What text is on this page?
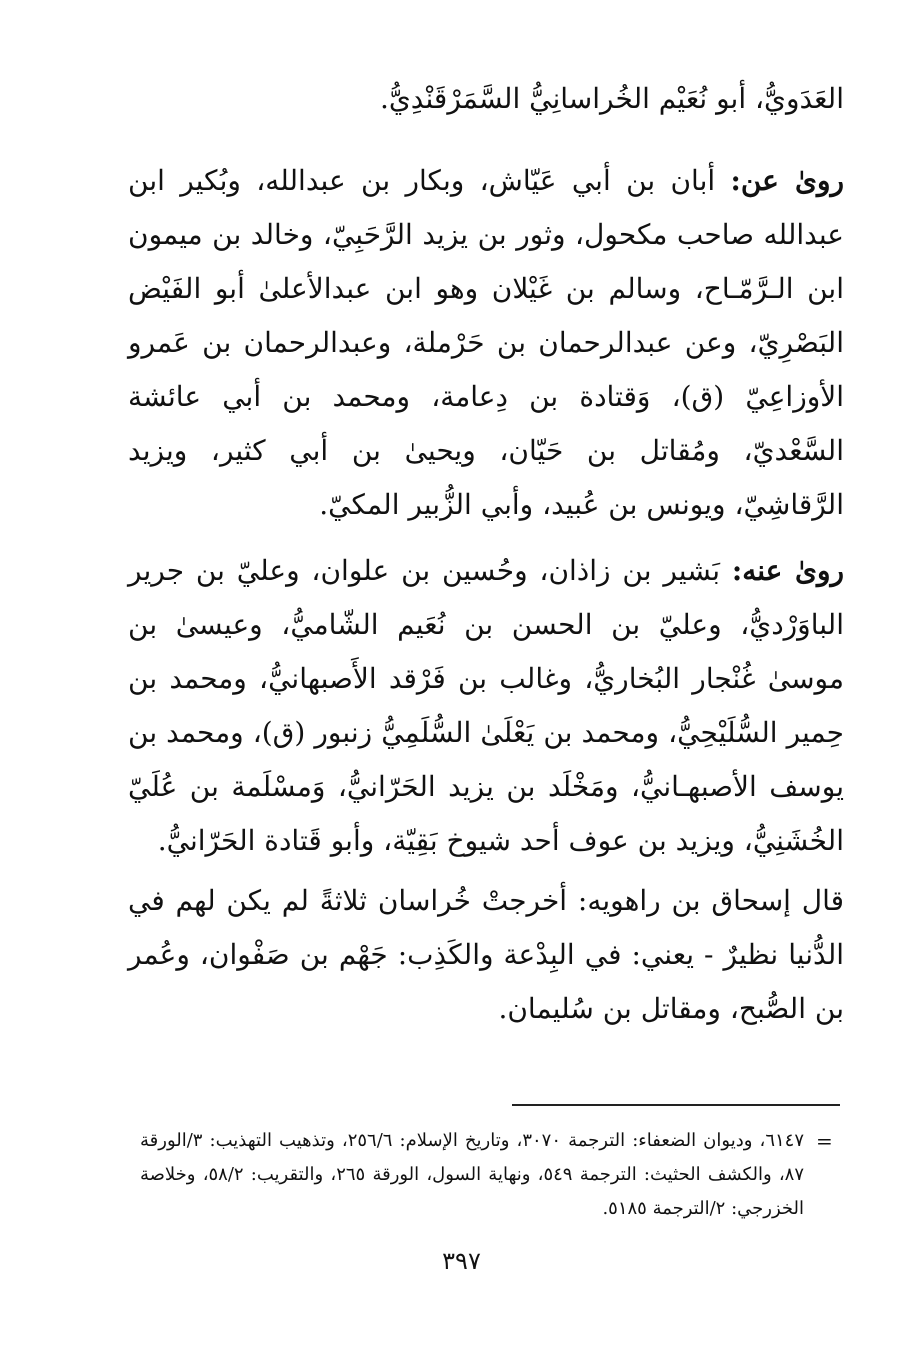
العَدَويُّ، أبو نُعَيْم الخُراسانِيُّ السَّمَرْقَنْدِيُّ.

روىٰ عن: أبان بن أبي عَيّاش، وبكار بن عبدالله، وبُكير ابن عبدالله صاحب مكحول، وثور بن يزيد الرَّحَبِيّ، وخالد بن ميمون ابن الـرَّمّـاح، وسالم بن غَيْلان وهو ابن عبدالأعلىٰ أبو الفَيْض البَصْرِيّ، وعن عبدالرحمان بن حَرْملة، وعبدالرحمان بن عَمرو الأوزاعِيّ (ق)، وَقتادة بن دِعامة، ومحمد بن أبي عائشة السَّعْديّ، ومُقاتل بن حَيّان، ويحيىٰ بن أبي كثير، ويزيد الرَّقاشِيّ، ويونس بن عُبيد، وأبي الزُّبير المكيّ.

روىٰ عنه: بَشير بن زاذان، وحُسين بن علوان، وعليّ بن جرير الباوَرْديُّ، وعليّ بن الحسن بن نُعَيم الشّاميُّ، وعيسىٰ بن موسىٰ غُنْجار البُخاريُّ، وغالب بن فَرْقد الأَصبهانيُّ، ومحمد بن حِمير السُّلَيْحِيُّ، ومحمد بن يَعْلَىٰ السُّلَمِيُّ زنبور (ق)، ومحمد بن يوسف الأصبهـانيُّ، ومَخْلَد بن يزيد الحَرّانيُّ، وَمسْلَمة بن عُلَيّ الخُشَنِيُّ، ويزيد بن عوف أحد شيوخ بَقِيّة، وأبو قَتادة الحَرّانيُّ.

قال إسحاق بن راهويه: أخرجتْ خُراسان ثلاثةً لم يكن لهم في الدُّنيا نظيرٌ - يعني: في البِدْعة والكَذِب: جَهْم بن صَفْوان، وعُمر بن الصُّبح، ومقاتل بن سُليمان.

=

٦١٤٧، وديوان الضعفاء: الترجمة ٣٠٧٠، وتاريخ الإسلام: ٢٥٦/٦، وتذهيب التهذيب: ٣/الورقة ٨٧، والكشف الحثيث: الترجمة ٥٤٩، ونهاية السول، الورقة ٢٦٥، والتقريب: ٥٨/٢، وخلاصة الخزرجي: ٢/الترجمة ٥١٨٥.

٣٩٧
